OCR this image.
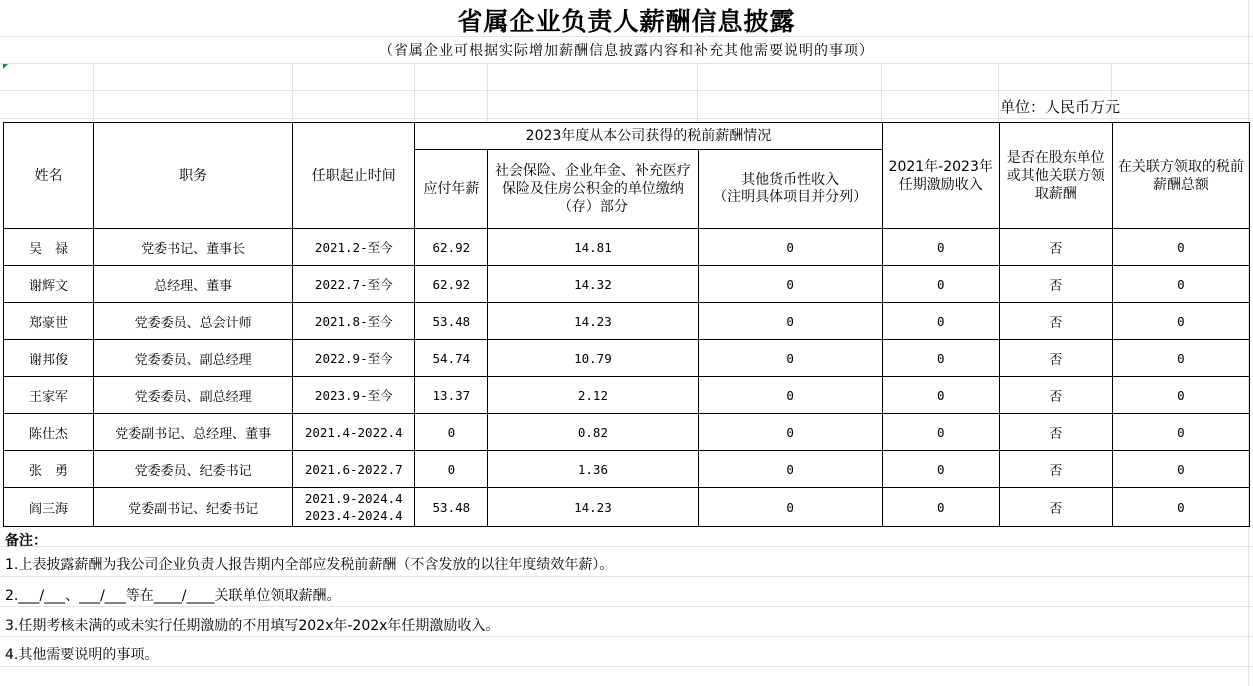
省属企业负责人薪酬信息披露
（省属企业可根据实际增加薪酬信息披露内容和补充其他需要说明的事项）
单位：人民币万元
姓名	职务	任职起止时间	2023年度从本公司获得的税前薪酬情况			2021年-2023年任期激励收入	是否在股东单位或其他关联方领取薪酬	在关联方领取的税前薪酬总额
			应付年薪	社会保险、企业年金、补充医疗保险及住房公积金的单位缴纳（存）部分	其他货币性收入
（注明具体项目并分列）			

吴　禄	党委书记、董事长	2021.2-至今	62.92	14.81	0	0	否	0
谢辉文	总经理、董事	2022.7-至今	62.92	14.32	0	0	否	0
郑豪世	党委委员、总会计师	2021.8-至今	53.48	14.23	0	0	否	0
谢邦俊	党委委员、副总经理	2022.9-至今	54.74	10.79	0	0	否	0
王家军	党委委员、副总经理	2023.9-至今	13.37	2.12	0	0	否	0
陈仕杰	党委副书记、总经理、董事	2021.4-2022.4	0	0.82	0	0	否	0
张　勇	党委委员、纪委书记	2021.6-2022.7	0	1.36	0	0	否	0
阎三海	党委副书记、纪委书记	2021.9-2024.4
2023.4-2024.4	53.48	14.23	0	0	否	0
备注：
1.上表披露薪酬为我公司企业负责人报告期内全部应发税前薪酬（不含发放的以往年度绩效年薪）。
2.___/___、___/___等在____/____关联单位领取薪酬。
3.任期考核未满的或未实行任期激励的不用填写202x年-202x年任期激励收入。
4.其他需要说明的事项。
